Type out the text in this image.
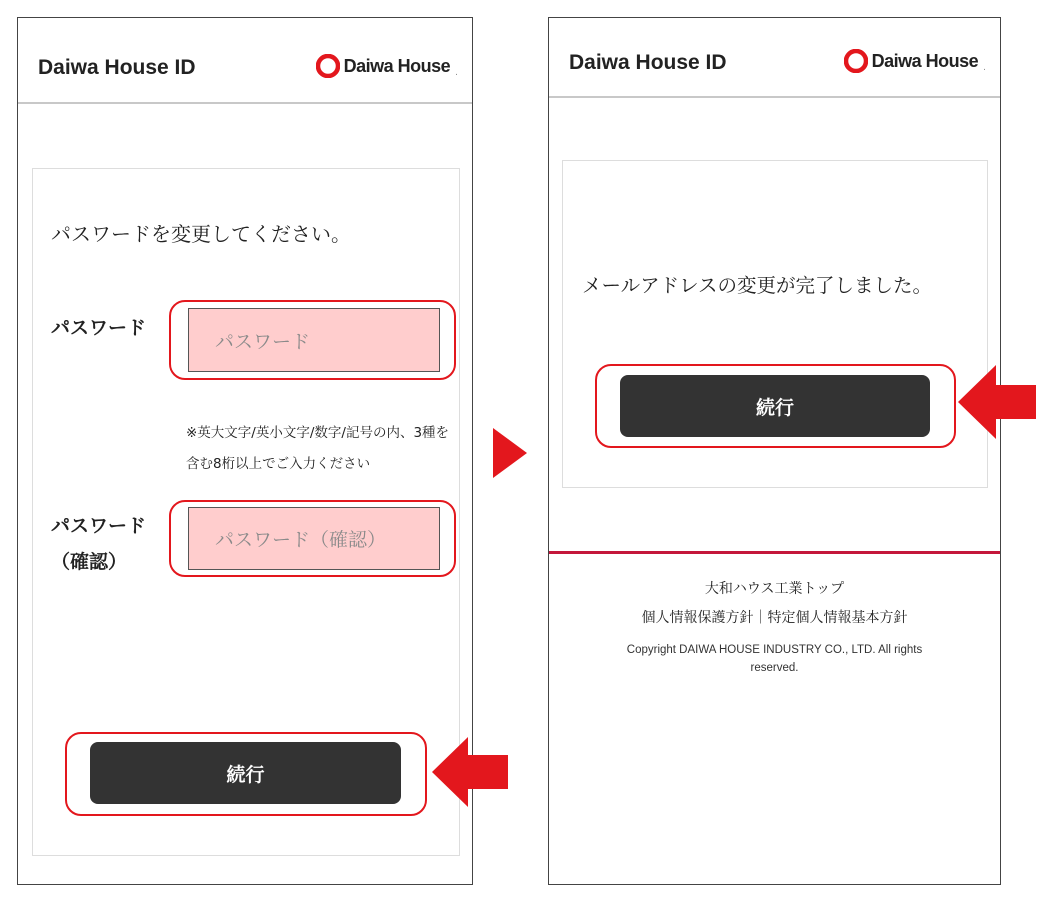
Daiwa House ID	Daiwa House .
パスワードを変更してください。
パスワード
パスワード
※英大文字/英小文字/数字/記号の内、3種を含む8桁以上でご入力ください
パスワード
（確認）
パスワード（確認）
続行
Daiwa House ID	Daiwa House .
メールアドレスの変更が完了しました。
続行
大和ハウス工業トップ
個人情報保護方針｜特定個人情報基本方針
Copyright DAIWA HOUSE INDUSTRY CO., LTD. All rights reserved.
